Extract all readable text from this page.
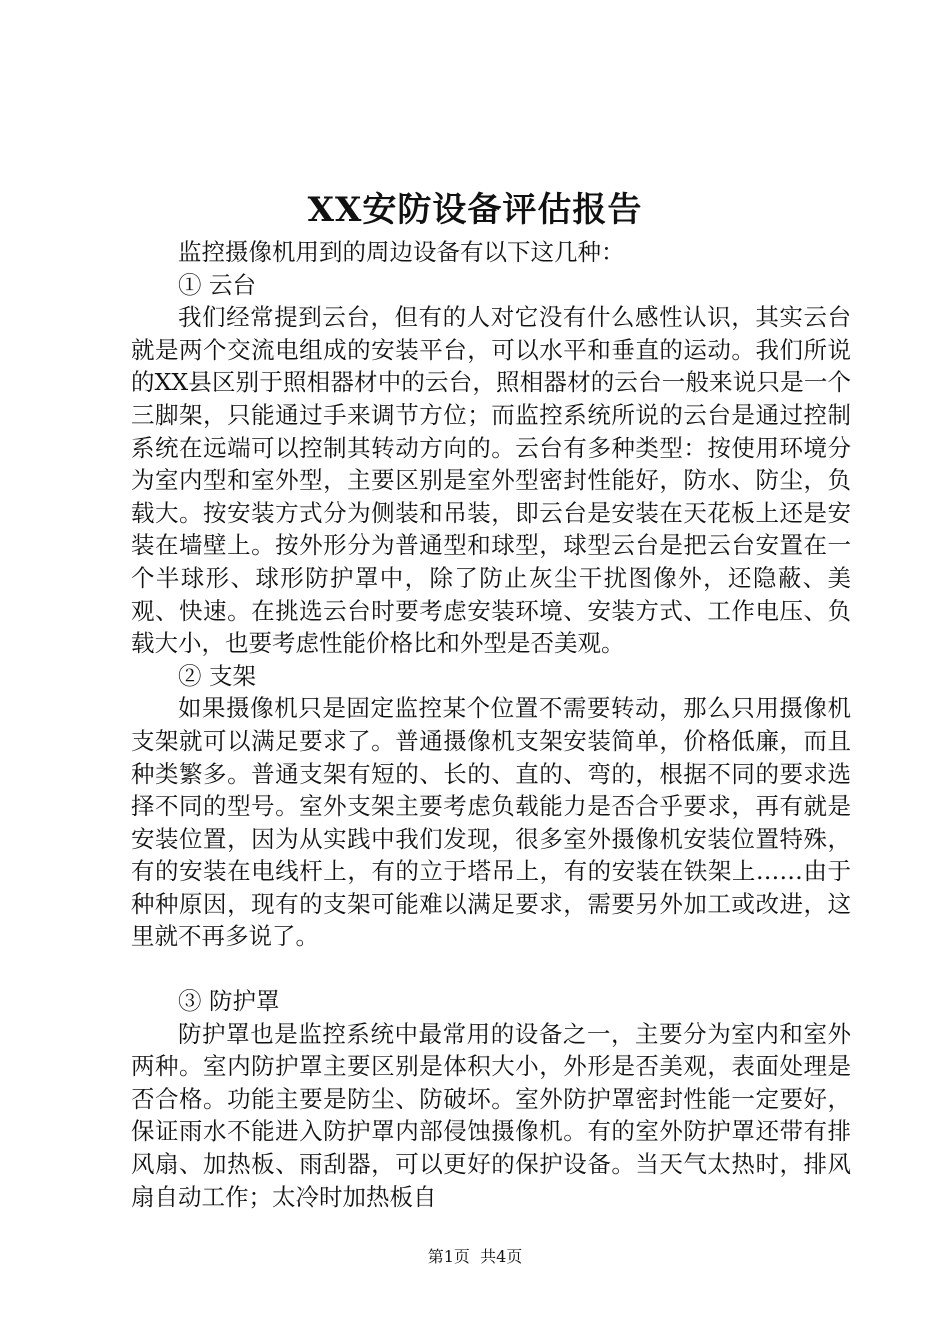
XX安防设备评估报告

监控摄像机用到的周边设备有以下这几种：

① 云台

我们经常提到云台，但有的人对它没有什么感性认识，其实云台就是两个交流电组成的安装平台，可以水平和垂直的运动。我们所说的XX县区别于照相器材中的云台，照相器材的云台一般来说只是一个三脚架，只能通过手来调节方位；而监控系统所说的云台是通过控制系统在远端可以控制其转动方向的。云台有多种类型：按使用环境分为室内型和室外型，主要区别是室外型密封性能好，防水、防尘，负载大。按安装方式分为侧装和吊装，即云台是安装在天花板上还是安装在墙壁上。按外形分为普通型和球型，球型云台是把云台安置在一个半球形、球形防护罩中，除了防止灰尘干扰图像外，还隐蔽、美观、快速。在挑选云台时要考虑安装环境、安装方式、工作电压、负载大小，也要考虑性能价格比和外型是否美观。

② 支架

如果摄像机只是固定监控某个位置不需要转动，那么只用摄像机支架就可以满足要求了。普通摄像机支架安装简单，价格低廉，而且种类繁多。普通支架有短的、长的、直的、弯的，根据不同的要求选择不同的型号。室外支架主要考虑负载能力是否合乎要求，再有就是安装位置，因为从实践中我们发现，很多室外摄像机安装位置特殊，有的安装在电线杆上，有的立于塔吊上，有的安装在铁架上……由于种种原因，现有的支架可能难以满足要求，需要另外加工或改进，这里就不再多说了。

③ 防护罩

防护罩也是监控系统中最常用的设备之一，主要分为室内和室外两种。室内防护罩主要区别是体积大小，外形是否美观，表面处理是否合格。功能主要是防尘、防破坏。室外防护罩密封性能一定要好，保证雨水不能进入防护罩内部侵蚀摄像机。有的室外防护罩还带有排风扇、加热板、雨刮器，可以更好的保护设备。当天气太热时，排风扇自动工作；太冷时加热板自

第1页 共4页
